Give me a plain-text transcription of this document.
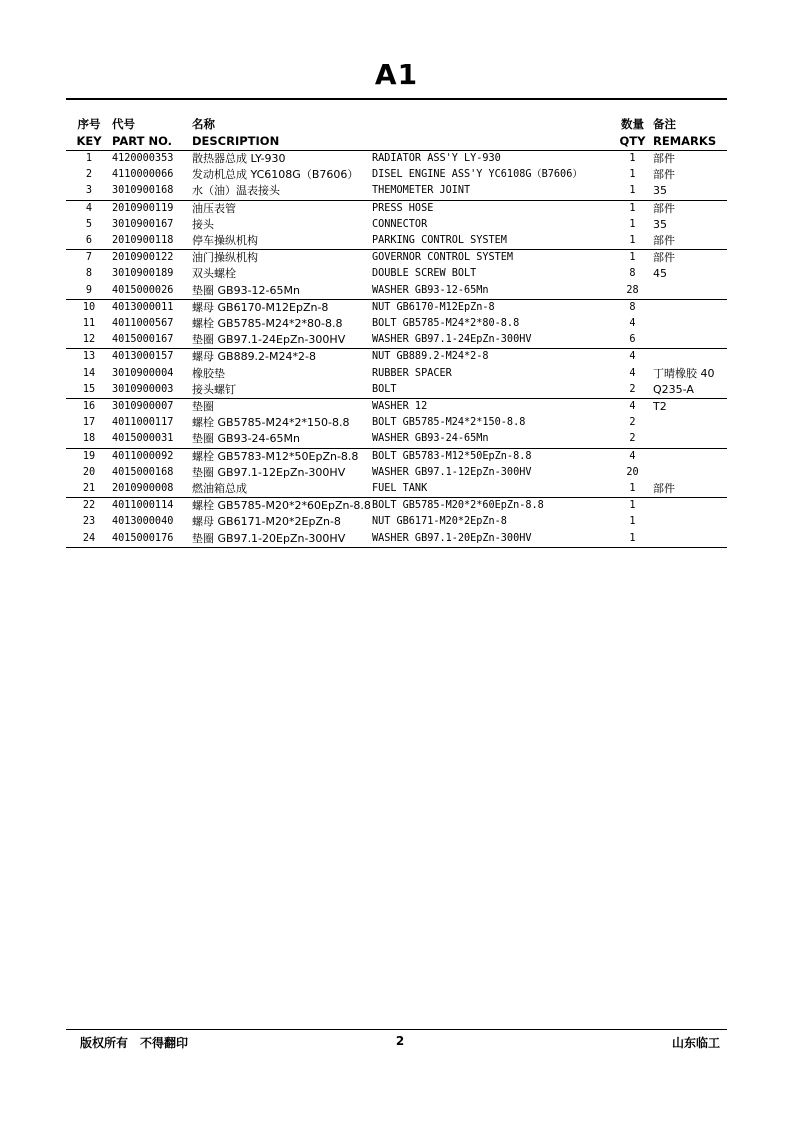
A1
序号	代号	名称		数量	备注
KEY	PART NO.	DESCRIPTION		QTY	REMARKS
1	4120000353	散热器总成 LY-930	RADIATOR ASS'Y LY-930	1	部件
2	4110000066	发动机总成 YC6108G（B7606）	DISEL ENGINE ASS'Y YC6108G（B7606）	1	部件
3	3010900168	水（油）温表接头	THEMOMETER JOINT	1	35
4	2010900119	油压表管	PRESS HOSE	1	部件
5	3010900167	接头	CONNECTOR	1	35
6	2010900118	停车操纵机构	PARKING CONTROL SYSTEM	1	部件
7	2010900122	油门操纵机构	GOVERNOR CONTROL SYSTEM	1	部件
8	3010900189	双头螺栓	DOUBLE SCREW BOLT	8	45
9	4015000026	垫圈 GB93-12-65Mn	WASHER GB93-12-65Mn	28	
10	4013000011	螺母 GB6170-M12EpZn-8	NUT GB6170-M12EpZn-8	8	
11	4011000567	螺栓 GB5785-M24*2*80-8.8	BOLT GB5785-M24*2*80-8.8	4	
12	4015000167	垫圈 GB97.1-24EpZn-300HV	WASHER GB97.1-24EpZn-300HV	6	
13	4013000157	螺母 GB889.2-M24*2-8	NUT GB889.2-M24*2-8	4	
14	3010900004	橡胶垫	RUBBER SPACER	4	丁晴橡胶 40
15	3010900003	接头螺钉	BOLT	2	Q235-A
16	3010900007	垫圈	WASHER 12	4	T2
17	4011000117	螺栓 GB5785-M24*2*150-8.8	BOLT GB5785-M24*2*150-8.8	2	
18	4015000031	垫圈 GB93-24-65Mn	WASHER GB93-24-65Mn	2	
19	4011000092	螺栓 GB5783-M12*50EpZn-8.8	BOLT GB5783-M12*50EpZn-8.8	4	
20	4015000168	垫圈 GB97.1-12EpZn-300HV	WASHER GB97.1-12EpZn-300HV	20	
21	2010900008	燃油箱总成	FUEL TANK	1	部件
22	4011000114	螺栓 GB5785-M20*2*60EpZn-8.8	BOLT GB5785-M20*2*60EpZn-8.8	1	
23	4013000040	螺母 GB6171-M20*2EpZn-8	NUT GB6171-M20*2EpZn-8	1	
24	4015000176	垫圈 GB97.1-20EpZn-300HV	WASHER GB97.1-20EpZn-300HV	1	
版权所有　不得翻印	2	山东临工
